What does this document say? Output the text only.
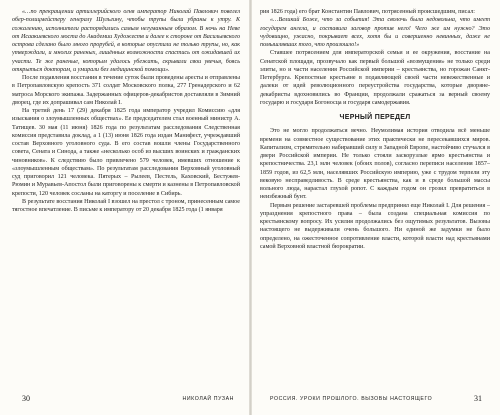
«…по прекращении артиллерийского огня император Николай Павлович повелел обер-полицмейстеру генералу Шульгину, чтобы трупы были убраны к утру. К сожалению, исполнители распорядились самым негуманным образом. В ночь на Неве от Исаакиевского моста до Академии Художеств и далее к стороне от Васильевского острова сделано было много прорубей, в которые опустили не только трупы, но, как утверждали, и многих раненых, лишённых возможности спастись от ожидавшей их участи. Те же раненые, которым удалось убежать, скрывали свои увечья, боясь открыться докторам, и умирали без медицинской помощи».

После подавления восстания в течение суток были проведены аресты и отправлены в Петропавловскую крепость 371 солдат Московского полка, 277 Гренадерского и 62 матроса Морского экипажа. Задержанных офицеров-декабристов доставляли в Зимний дворец, где их допрашивал сам Николай I.

На третий день 17 (29) декабря 1825 года император учредил Комиссию «для изыскания о злоумышленных обществах». Ее председателем стал военный министр А. Татищев. 30 мая (11 июня) 1826 года по результатам расследования Следственная комиссия представила доклад, а 1 (13) июня 1826 года издан Манифест, учреждавший состав Верховного уголовного суда. В его состав вошли члены Государственного совета, Сената и Синода, а также «несколько особ из высших воинских и гражданских чиновников». К следствию было привлечено 579 человек, имевших отношение к «злоумышленным обществам». По результатам расследования Верховный уголовный суд приговорил 121 человека. Пятерых – Рылеев, Пестель, Каховский, Бестужев-Рюмин и Муравьев-Апостол были приговорены к смерти и казнены в Петропавловской крепости, 120 человек сосланы на каторгу и поселение в Сибирь.

В результате восстания Николай I взошел на престол с троном, принесенным самое тягостное впечатление. В письме к императору от 20 декабря 1825 года (1 января

30	НИКОЛАЙ ПУЗАН

рия 1826 года) его брат Константин Павлович, потрясенный происшедшим, писал:

«…Великий Боже, что за события! Эта сволочь была недовольна, что имеет государем ангела, и составила заговор против него! Чего же им нужно? Это чудовищно, ужасно, покрывает всех, хотя бы и совершенно невинных, даже не помышлявших того, что произошло!»

Ставшее потрясением для императорской семьи и ее окружения, восстание на Сенатской площади, прозвучало как первый большой «возмущения» не только среди элиты, но и части населения Российской империи – крестьянства, но горожан Санкт-Петербурга. Крепостные крестьяне в подавляющей своей части невежественные и далеки от идей революционного переустройства государства, которые дворяне-декабристы вдохновились во Франции, продолжали сражаться за верный своему государю и государя Богоносца и государя самодержавия.

ЧЕРНЫЙ ПЕРЕДЕЛ

Это не могло продолжаться вечно. Неумолимая история отводила всё меньше времени на совместное существование этих практически не пересекавшихся миров. Капитализм, стремительно набиравший силу в Западной Европе, настойчиво стучался в двери Российской империи. Не только стояли заскорузлые ярмо крестьянства и крепостничества. 23,1 млн человек (обоих полов), согласно переписи населения 1857–1859 годов, из 62,5 млн, населявших Российскую империю, уже с трудом терпели эту вековую несправедливость. В среде крестьянства, как и в среде большой массы вольного люда, нарастал глухой ропот. С каждым годом он грозил превратиться в неизбежный бунт.

Первым решение застаревшей проблемы предпринял еще Николай I. Для решения – упразднения крепостного права – была создана специальная комиссия по крестьянскому вопросу. Их усилия продолжались без ощутимых результатов. Вызовы настоящего не выдерживали очень большого. Ни единой же задумки не было определено, на ожесточенное сопротивление власти, которой власти над крестьянами самой Верховной властной бюрократии.

РОССИЯ. УРОКИ ПРОШЛОГО. ВЫЗОВЫ НАСТОЯЩЕГО	31
